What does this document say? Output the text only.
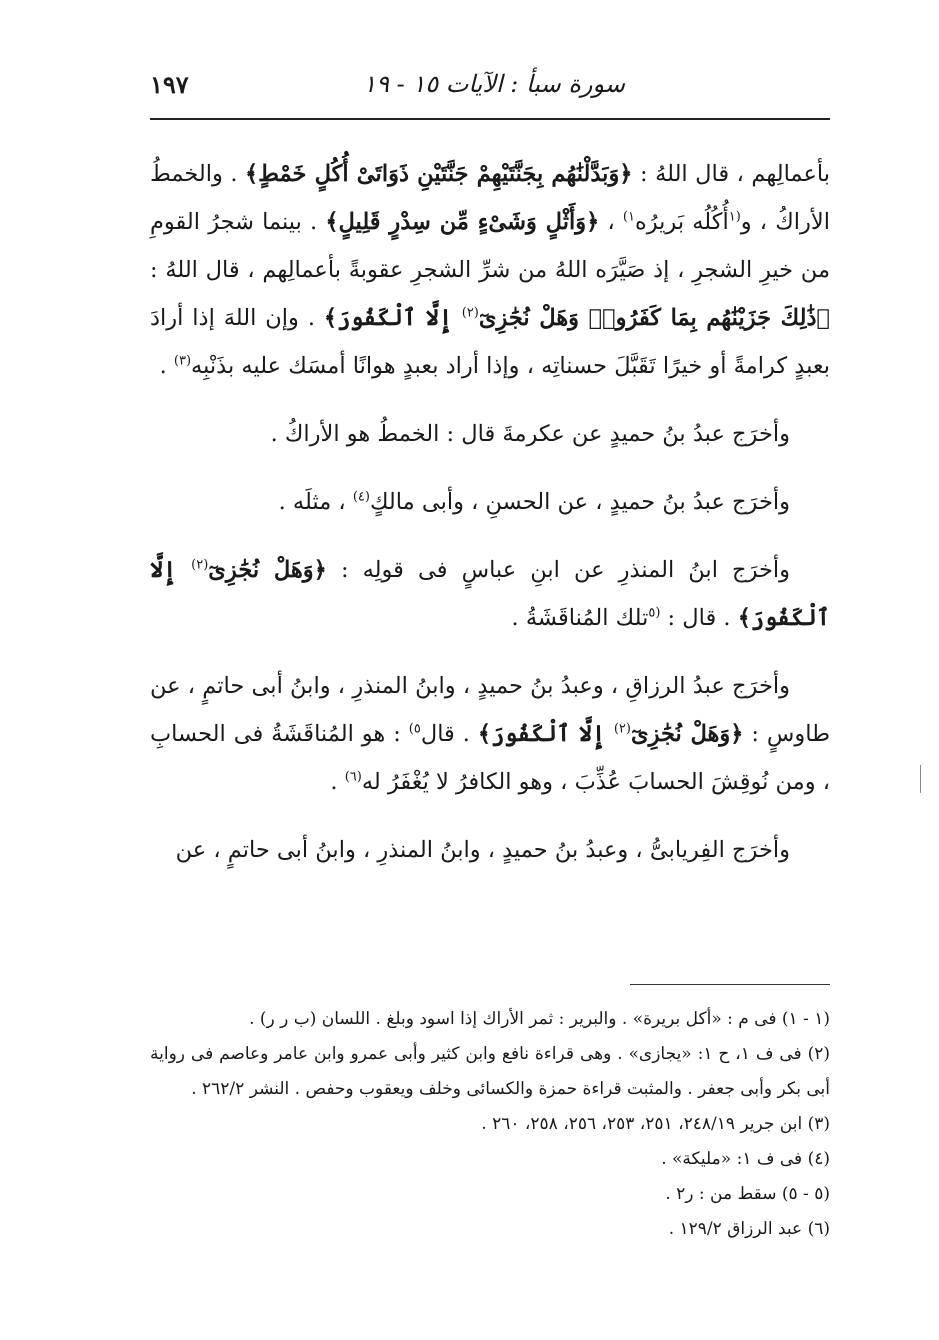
سورة سبأ : الآيات ١٥ - ١٩
١٩٧

بأعمالِهم ، قال اللهُ : ﴿وَبَدَّلْنَٰهُم بِجَنَّتَيْهِمْ جَنَّتَيْنِ ذَوَاتَىْ أُكُلٍ خَمْطٍ﴾ . والخمطُ الأراكُ ، و$^{(١}$أُكُلُه بَريرُه$^{١)}$ ، ﴿وَأَثْلٍ وَشَىْءٍ مِّن سِدْرٍ قَلِيلٍ﴾ . بينما شجرُ القومِ من خيرِ الشجرِ ، إذ صَيَّرَه اللهُ من شرِّ الشجرِ عقوبةً بأعمالِهم ، قال اللهُ : ﴿ذَٰلِكَ جَزَيْنَٰهُم بِمَا كَفَرُوا۟ وَهَلْ نُجَٰزِىٓ$^{(٢)}$ إِلَّا ٱلْكَفُورَ﴾ . وإن اللهَ إذا أرادَ بعبدٍ كرامةً أو خيرًا تَقَبَّلَ حسناتِه ، وإذا أراد بعبدٍ هوانًا أمسَك عليه بذَنْبِه$^{(٣)}$ .

وأخرَج عبدُ بنُ حميدٍ عن عكرمةَ قال : الخمطُ هو الأراكُ .

وأخرَج عبدُ بنُ حميدٍ ، عن الحسنِ ، وأبى مالكٍ$^{(٤)}$ ، مثلَه .

وأخرَج ابنُ المنذرِ عن ابنِ عباسٍ فى قولِه : ﴿وَهَلْ نُجَٰزِىٓ$^{(٢)}$ إِلَّا ٱلْكَفُورَ﴾ . قال : $^{(٥}$تلك المُناقَشَةُ .

وأخرَج عبدُ الرزاقِ ، وعبدُ بنُ حميدٍ ، وابنُ المنذرِ ، وابنُ أبى حاتمٍ ، عن طاوسٍ : ﴿وَهَلْ نُجَٰزِىٓ$^{(٢)}$ إِلَّا ٱلْكَفُورَ﴾ . قال$^{٥)}$ : هو المُناقَشَةُ فى الحسابِ ، ومن نُوقِشَ الحسابَ عُذِّبَ ، وهو الكافرُ لا يُغْفَرُ له$^{(٦)}$ .

وأخرَج الفِريابىُّ ، وعبدُ بنُ حميدٍ ، وابنُ المنذرِ ، وابنُ أبى حاتمٍ ، عن

(١ - ١) فى م : «أكل بريرة» . والبرير : ثمر الأراك إذا اسود وبلغ . اللسان (ب ر ر) .

(٢) فى ف ١، ح ١: «يجازى» . وهى قراءة نافع وابن كثير وأبى عمرو وابن عامر وعاصم فى رواية أبى بكر وأبى جعفر . والمثبت قراءة حمزة والكسائى وخلف ويعقوب وحفص . النشر ٢٦٢/٢ .

(٣) ابن جرير ٢٤٨/١٩، ٢٥١، ٢٥٣، ٢٥٦، ٢٥٨، ٢٦٠ .

(٤) فى ف ١: «مليكة» .

(٥ - ٥) سقط من : ر٢ .

(٦) عبد الرزاق ١٢٩/٢ .
